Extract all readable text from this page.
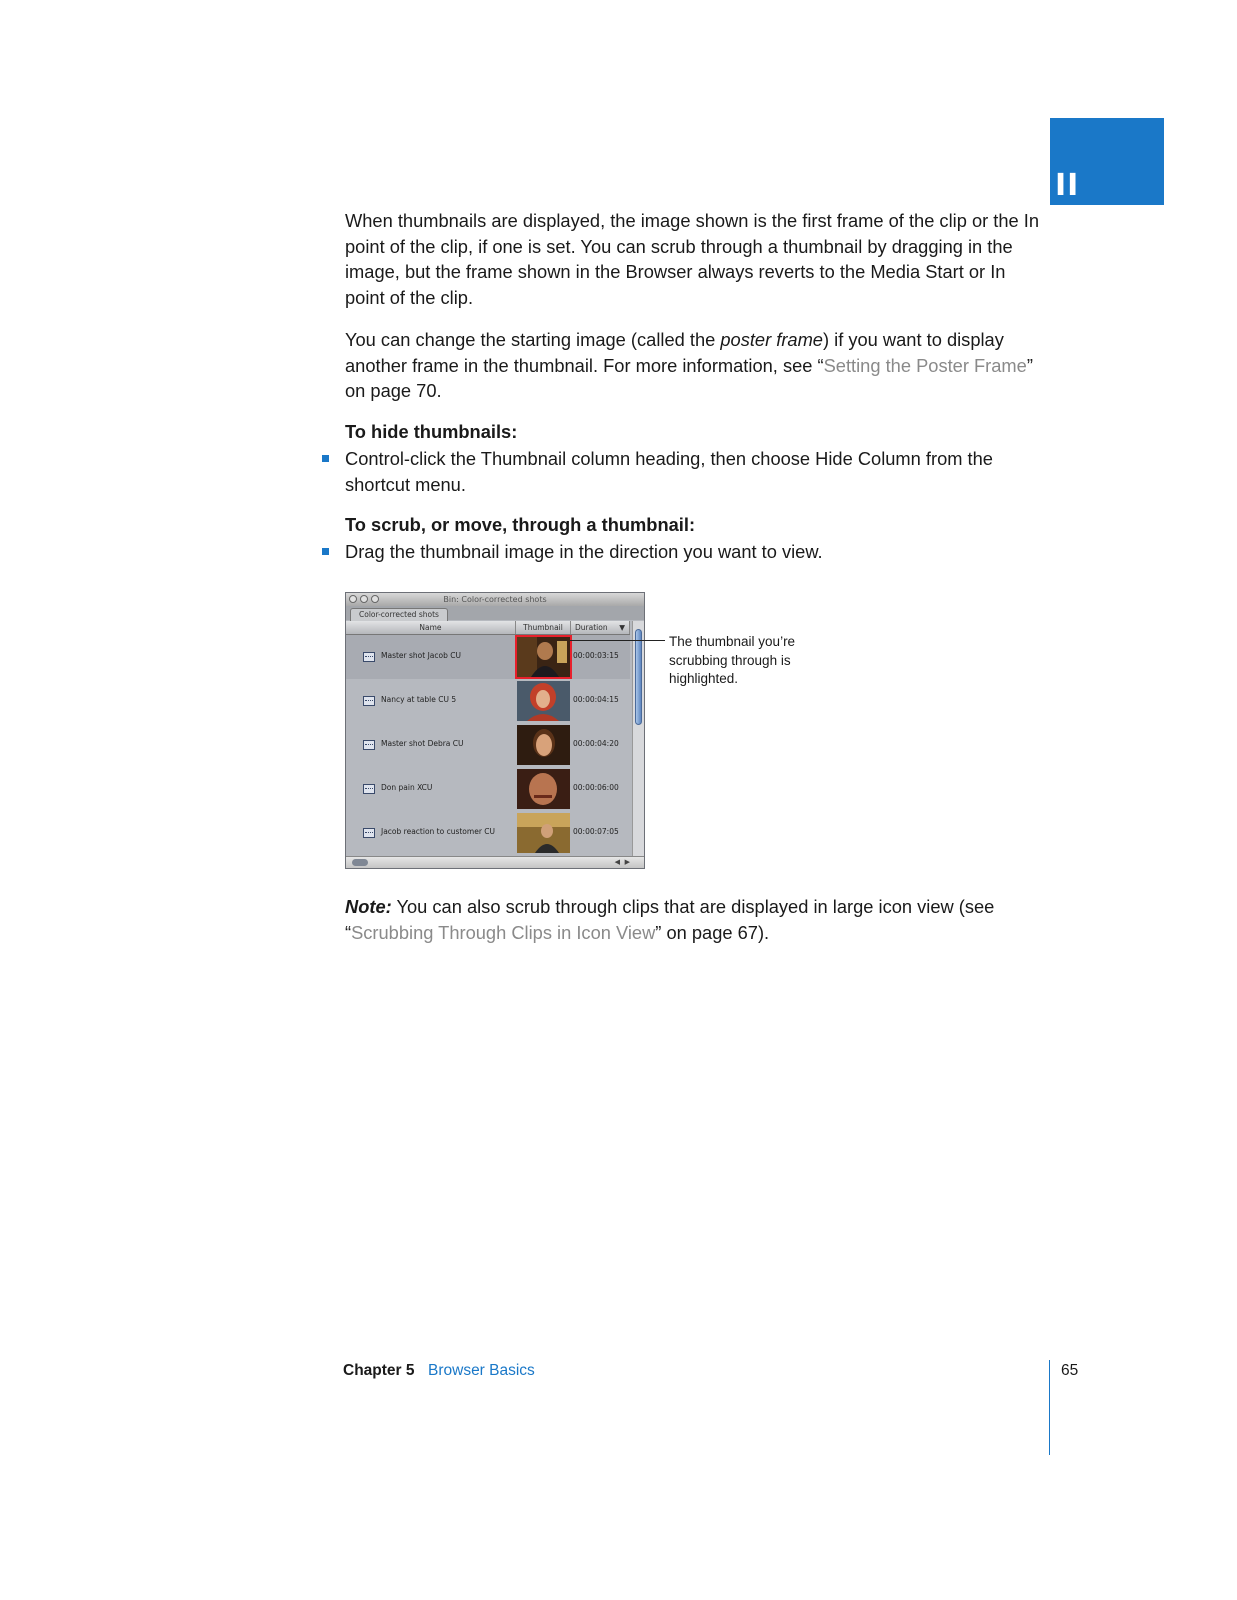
II

When thumbnails are displayed, the image shown is the first frame of the clip or the In point of the clip, if one is set. You can scrub through a thumbnail by dragging in the image, but the frame shown in the Browser always reverts to the Media Start or In point of the clip.

You can change the starting image (called the poster frame) if you want to display another frame in the thumbnail. For more information, see “Setting the Poster Frame” on page 70.

To hide thumbnails:
Control-click the Thumbnail column heading, then choose Hide Column from the shortcut menu.
To scrub, or move, through a thumbnail:
Drag the thumbnail image in the direction you want to view.
Bin: Color-corrected shots
Color-corrected shots
Name	Thumbnail	Duration ▼
Master shot Jacob CU	00:00:03:15
Nancy at table CU 5	00:00:04:15
Master shot Debra CU	00:00:04:20
Don pain XCU	00:00:06:00
Jacob reaction to customer CU	00:00:07:05
◀ ▶
The thumbnail you’re scrubbing through is highlighted.

Note: You can also scrub through clips that are displayed in large icon view (see “Scrubbing Through Clips in Icon View” on page 67).

Chapter 5 Browser Basics	65
